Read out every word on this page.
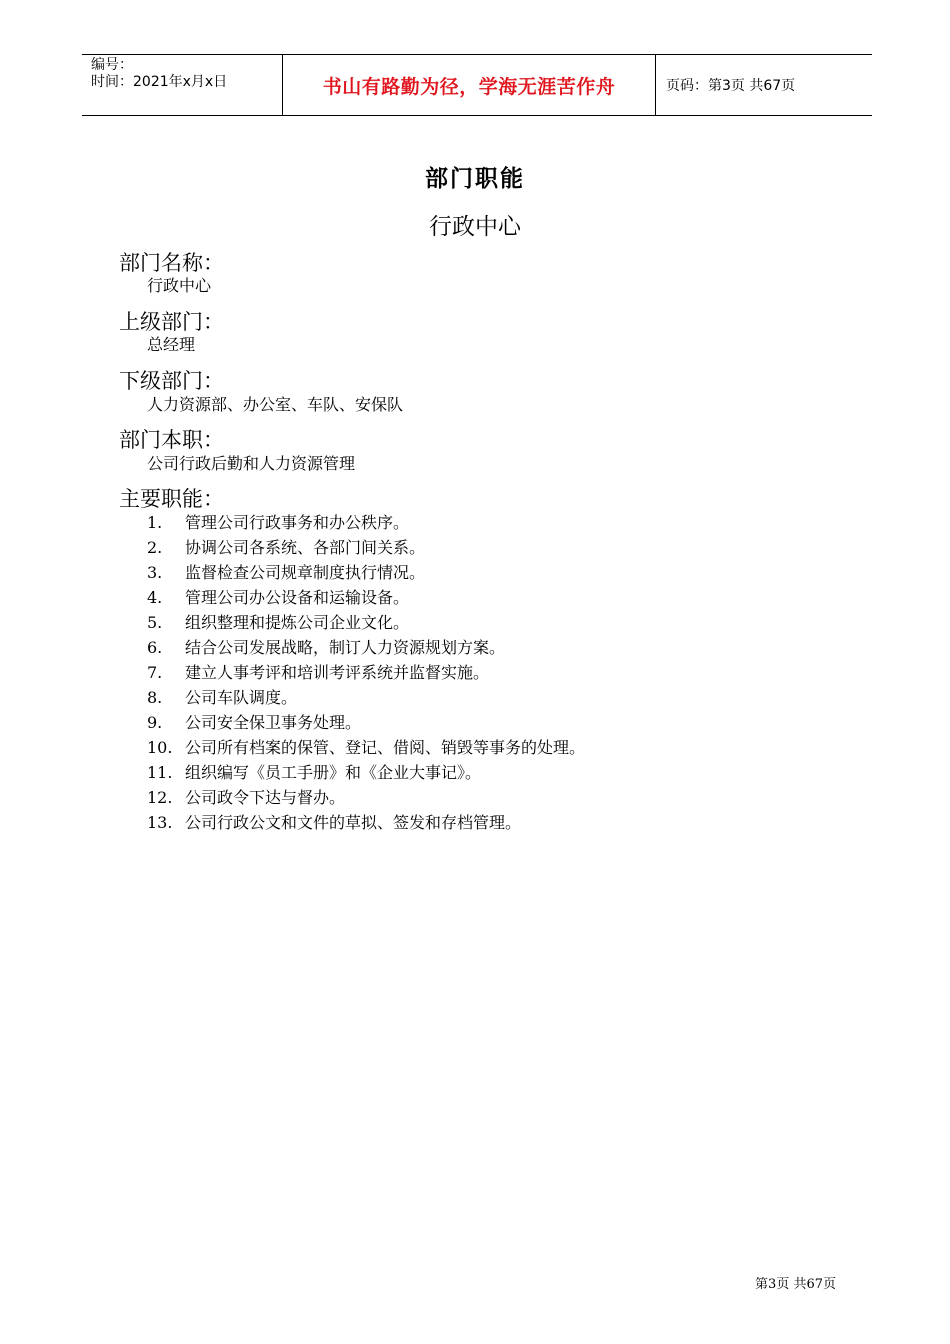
编号：
时间：2021年x月x日	书山有路勤为径，学海无涯苦作舟	页码：第3页 共67页
部门职能
行政中心
部门名称：
行政中心
上级部门：
总经理
下级部门：
人力资源部、办公室、车队、安保队
部门本职：
公司行政后勤和人力资源管理
主要职能：
1. 管理公司行政事务和办公秩序。
2. 协调公司各系统、各部门间关系。
3. 监督检查公司规章制度执行情况。
4. 管理公司办公设备和运输设备。
5. 组织整理和提炼公司企业文化。
6. 结合公司发展战略，制订人力资源规划方案。
7. 建立人事考评和培训考评系统并监督实施。
8. 公司车队调度。
9. 公司安全保卫事务处理。
10. 公司所有档案的保管、登记、借阅、销毁等事务的处理。
11. 组织编写《员工手册》和《企业大事记》。
12. 公司政令下达与督办。
13. 公司行政公文和文件的草拟、签发和存档管理。
第3页 共67页
